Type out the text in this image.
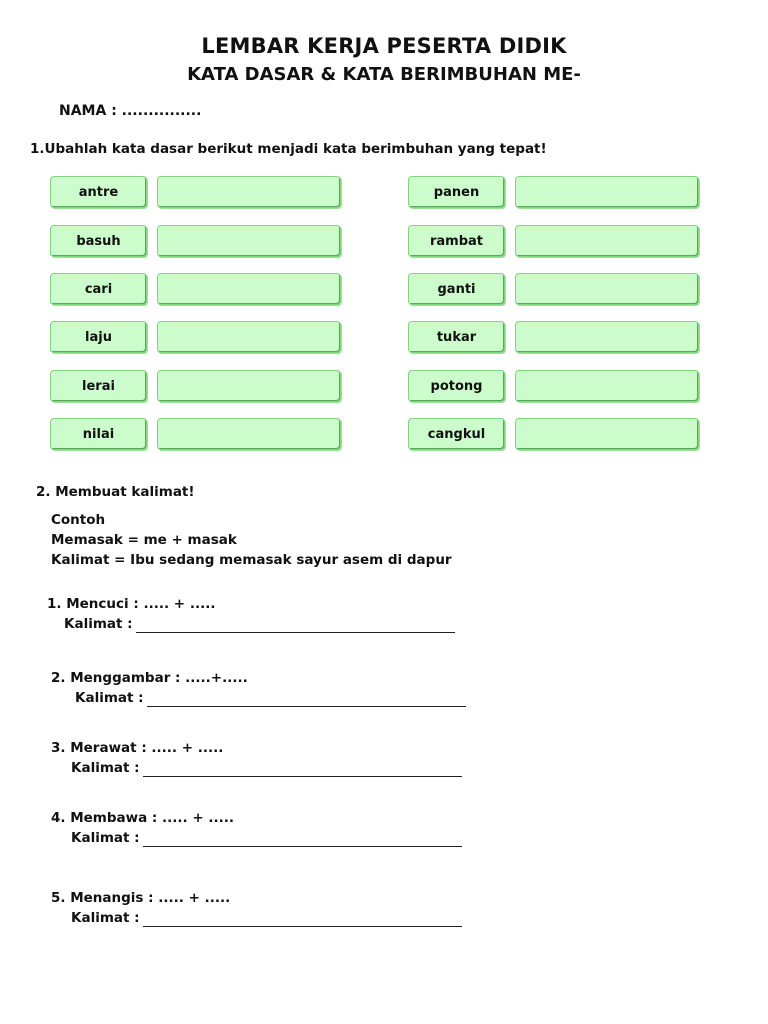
LEMBAR KERJA PESERTA DIDIK
KATA DASAR & KATA BERIMBUHAN ME-
NAMA : ...............
1.Ubahlah kata dasar berikut menjadi kata berimbuhan yang tepat!
antre
basuh
cari
laju
lerai
nilai
panen
rambat
ganti
tukar
potong
cangkul
2. Membuat kalimat!
Contoh
Memasak = me + masak
Kalimat = Ibu sedang memasak sayur asem di dapur
1. Mencuci : ..... + .....
Kalimat :
2. Menggambar : .....+.....
Kalimat :
3. Merawat : ..... + .....
Kalimat :
4. Membawa : ..... + .....
Kalimat :
5. Menangis : ..... + .....
Kalimat :
